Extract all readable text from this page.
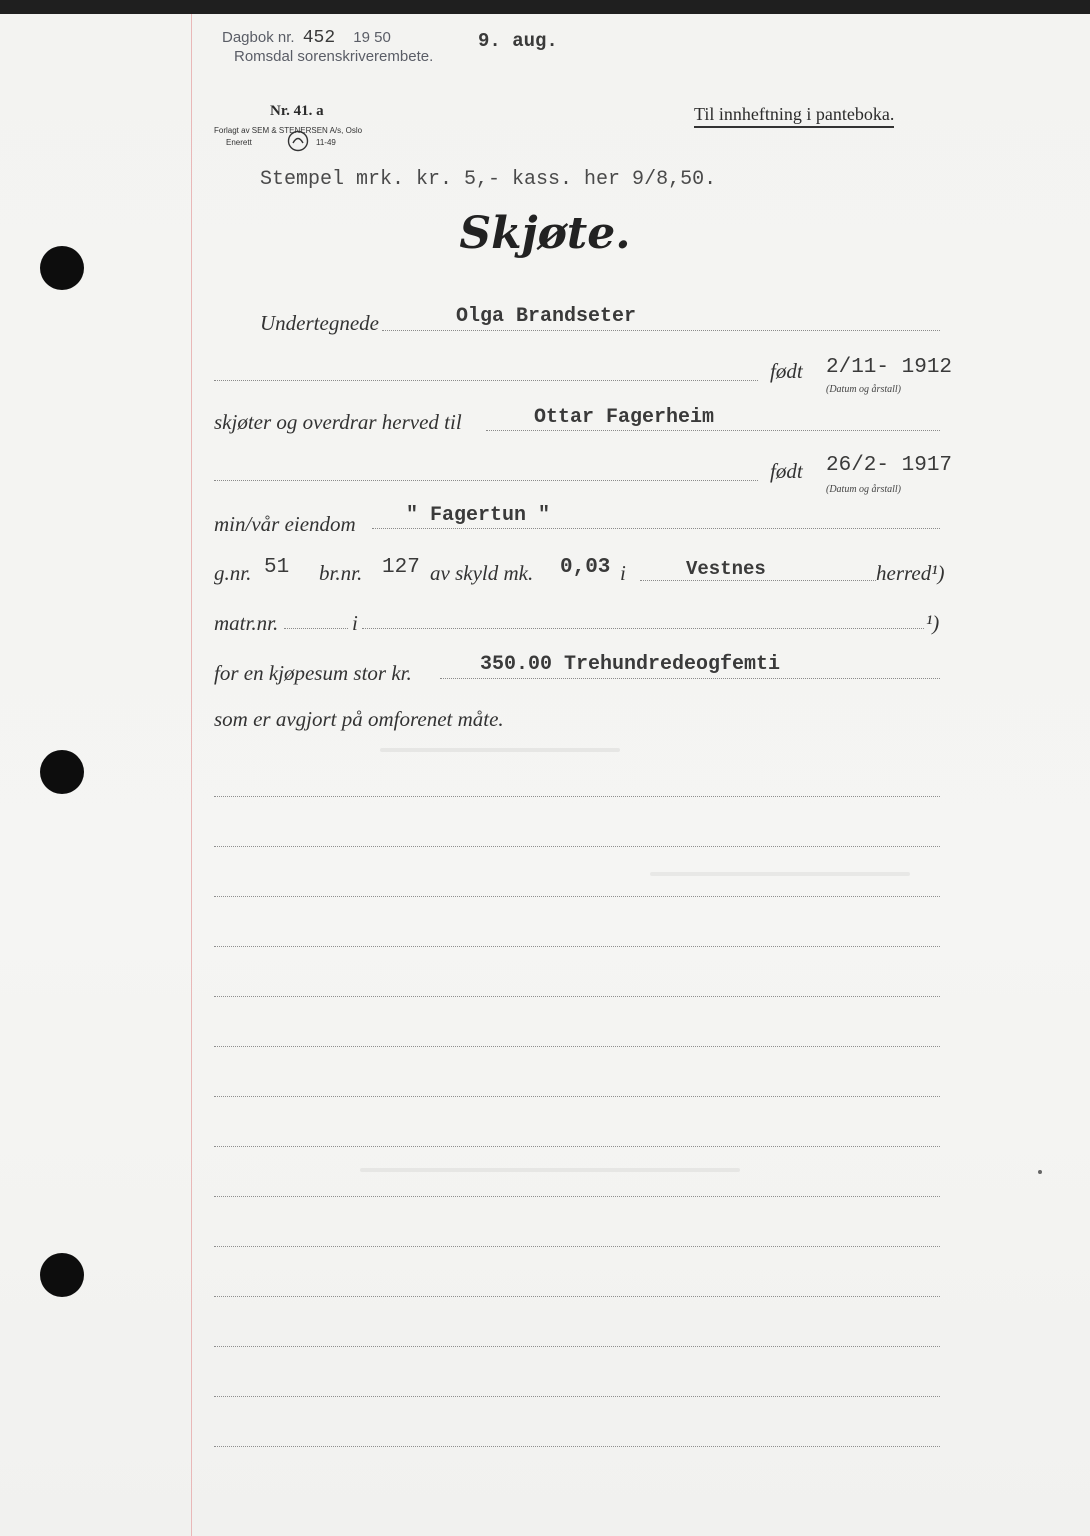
Dagbok nr. 452 19 50
Romsdal sorenskriverembete.
9. aug.
Nr. 41. a
Forlagt av SEM & STENERSEN A/s, Oslo
Enerett	11-49
Til innheftning i panteboka.
Stempel mrk. kr. 5,- kass. her 9/8,50.
Skjøte.
Undertegnede	Olga Brandseter
født 2/11- 1912
(Datum og årstall)
skjøter og overdrar herved til	Ottar Fagerheim
født 26/2- 1917
(Datum og årstall)
min/vår eiendom	" Fagertun "
g.nr. 51 br.nr. 127 av skyld mk. 0,03 i	Vestnes	herred¹)
matr.nr.	i	¹)
for en kjøpesum stor kr.	350.00 Trehundredeogfemti
som er avgjort på omforenet måte.
